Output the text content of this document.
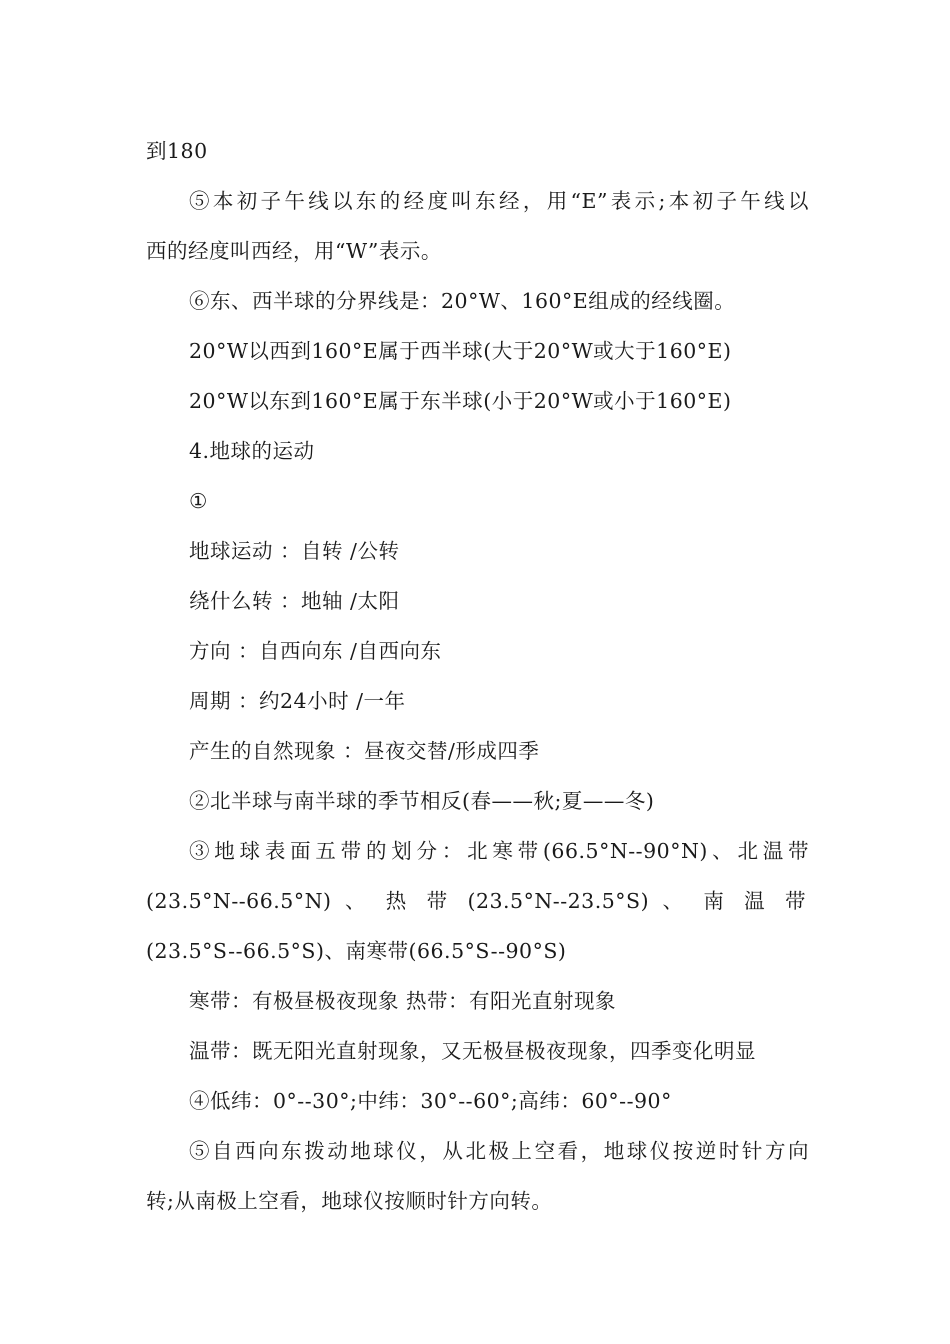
到180
⑤本初子午线以东的经度叫东经，用“E”表示;本初子午线以
西的经度叫西经，用“W”表示。
⑥东、西半球的分界线是：20°W、160°E组成的经线圈。
20°W以西到160°E属于西半球(大于20°W或大于160°E)
20°W以东到160°E属于东半球(小于20°W或小于160°E)
4.地球的运动
①
地球运动 ：自转 /公转
绕什么转 ：地轴 /太阳
方向 ：自西向东 /自西向东
周期 ：约24小时 /一年
产生的自然现象 ：昼夜交替/形成四季
②北半球与南半球的季节相反(春——秋;夏——冬)
③地球表面五带的划分：北寒带(66.5°N--90°N)、北温带
(23.5°N--66.5°N) 、 热 带 (23.5°N--23.5°S) 、 南 温 带
(23.5°S--66.5°S)、南寒带(66.5°S--90°S)
寒带：有极昼极夜现象 热带：有阳光直射现象
温带：既无阳光直射现象，又无极昼极夜现象，四季变化明显
④低纬：0°--30°;中纬：30°--60°;高纬：60°--90°
⑤自西向东拨动地球仪，从北极上空看，地球仪按逆时针方向
转;从南极上空看，地球仪按顺时针方向转。
